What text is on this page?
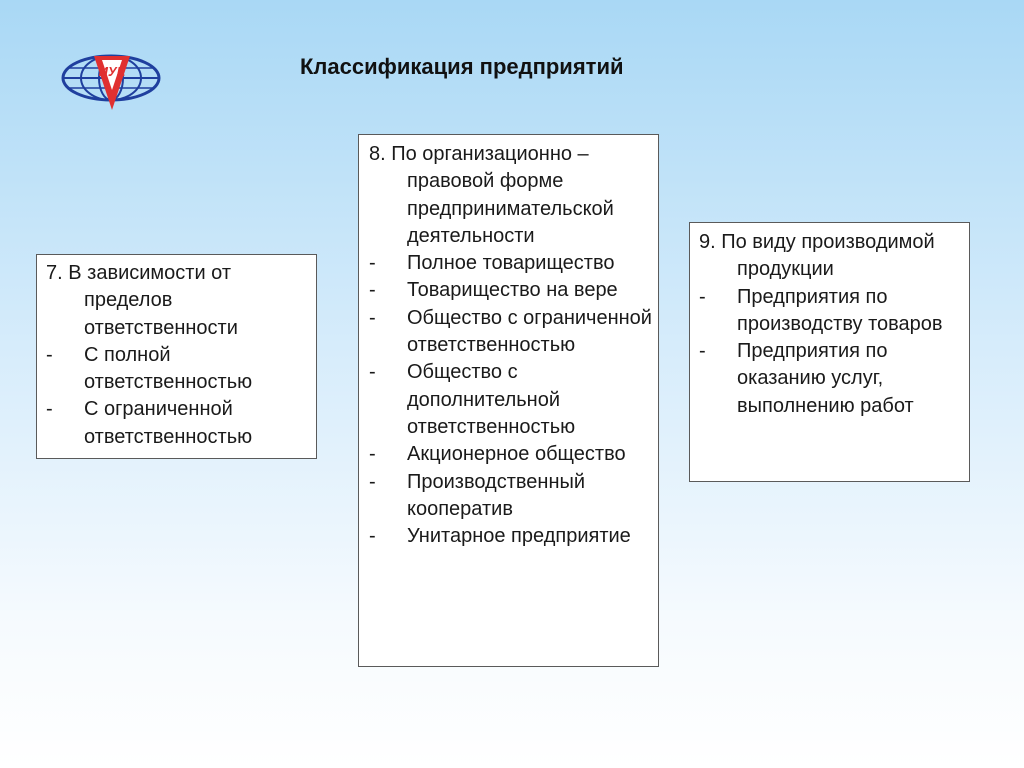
ИУЕ	Классификация предприятий
7. В зависимости от пределов ответственности
- С полной ответственностью
- С ограниченной ответственностью
8. По организационно – правовой форме предпринимательской деятельности
- Полное товарищество
- Товарищество на вере
- Общество с ограниченной ответственностью
- Общество с дополнительной ответственностью
- Акционерное общество
- Производственный кооператив
- Унитарное предприятие
9. По виду производимой продукции
- Предприятия по производству товаров
- Предприятия по оказанию услуг, выполнению работ
